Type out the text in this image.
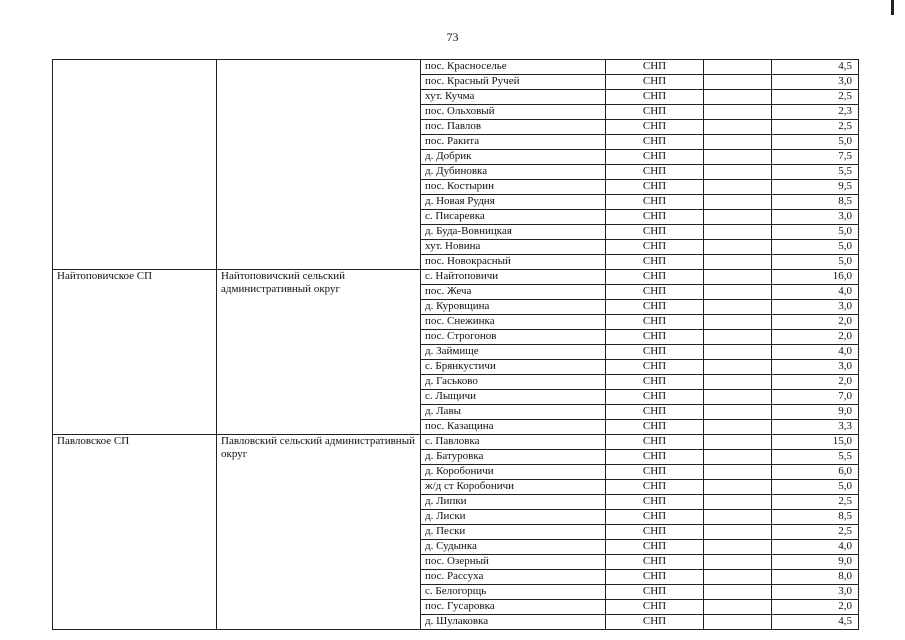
73
		пос. Красноселье	СНП		4,5
		пос. Красный Ручей	СНП		3,0
		хут. Кучма	СНП		2,5
		пос. Ольховый	СНП		2,3
		пос. Павлов	СНП		2,5
		пос. Ракита	СНП		5,0
		д. Добрик	СНП		7,5
		д. Дубиновка	СНП		5,5
		пос. Костырин	СНП		9,5
		д. Новая Рудня	СНП		8,5
		с. Писаревка	СНП		3,0
		д. Буда-Вовницкая	СНП		5,0
		хут. Новина	СНП		5,0
		пос. Новокрасный	СНП		5,0
Найтоповичское СП	Найтоповичский сельский административный округ	с. Найтоповичи	СНП		16,0
		пос. Жеча	СНП		4,0
		д. Куровщина	СНП		3,0
		пос. Снежинка	СНП		2,0
		пос. Строгонов	СНП		2,0
		д. Займище	СНП		4,0
		с. Брянкустичи	СНП		3,0
		д. Гаськово	СНП		2,0
		с. Лыщичи	СНП		7,0
		д. Лавы	СНП		9,0
		пос. Казащина	СНП		3,3
Павловское СП	Павловский сельский административный округ	с. Павловка	СНП		15,0
		д. Батуровка	СНП		5,5
		д. Коробоничи	СНП		6,0
		ж/д ст Коробоничи	СНП		5,0
		д. Липки	СНП		2,5
		д. Лиски	СНП		8,5
		д. Пески	СНП		2,5
		д. Судынка	СНП		4,0
		пос. Озерный	СНП		9,0
		пос. Рассуха	СНП		8,0
		с. Белогорщь	СНП		3,0
		пос. Гусаровка	СНП		2,0
		д. Шулаковка	СНП		4,5
